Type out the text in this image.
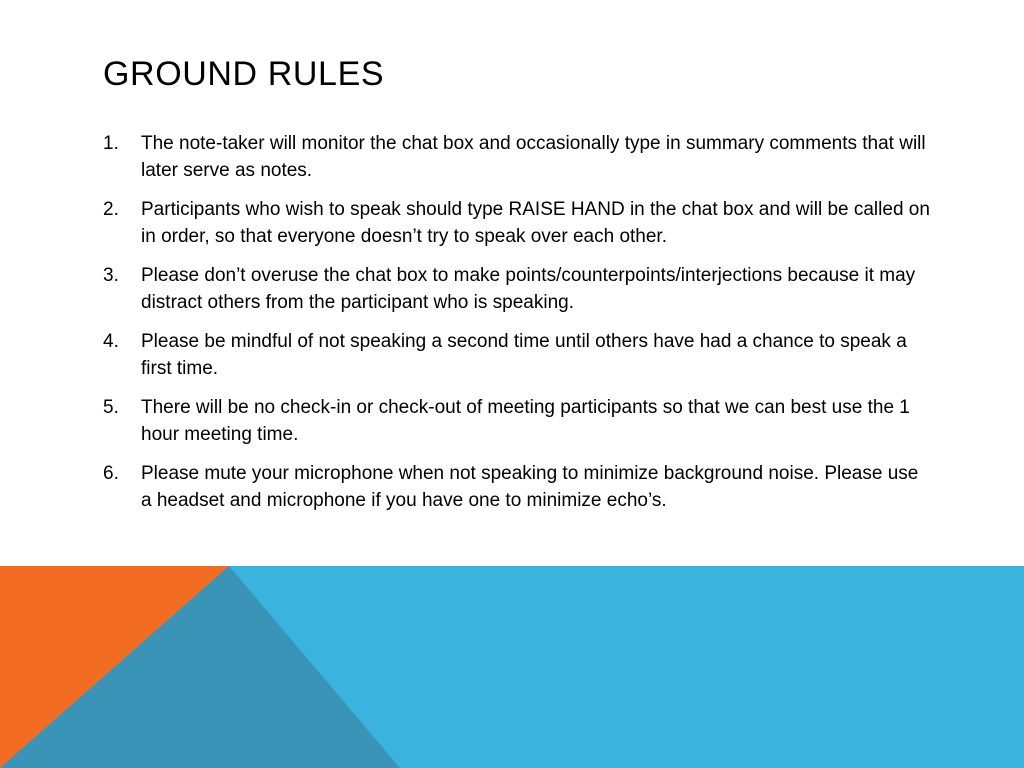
GROUND RULES
1.	The note-taker will monitor the chat box and occasionally type in summary comments that will later serve as notes.
2.	Participants who wish to speak should type RAISE HAND in the chat box and will be called on in order, so that everyone doesn’t try to speak over each other.
3.	Please don’t overuse the chat box to make points/counterpoints/interjections because it may distract others from the participant who is speaking.
4.	Please be mindful of not speaking a second time until others have had a chance to speak a first time.
5.	There will be no check-in or check-out of meeting participants so that we can best use the 1 hour meeting time.
6.	Please mute your microphone when not speaking to minimize background noise. Please use a headset and microphone if you have one to minimize echo’s.
